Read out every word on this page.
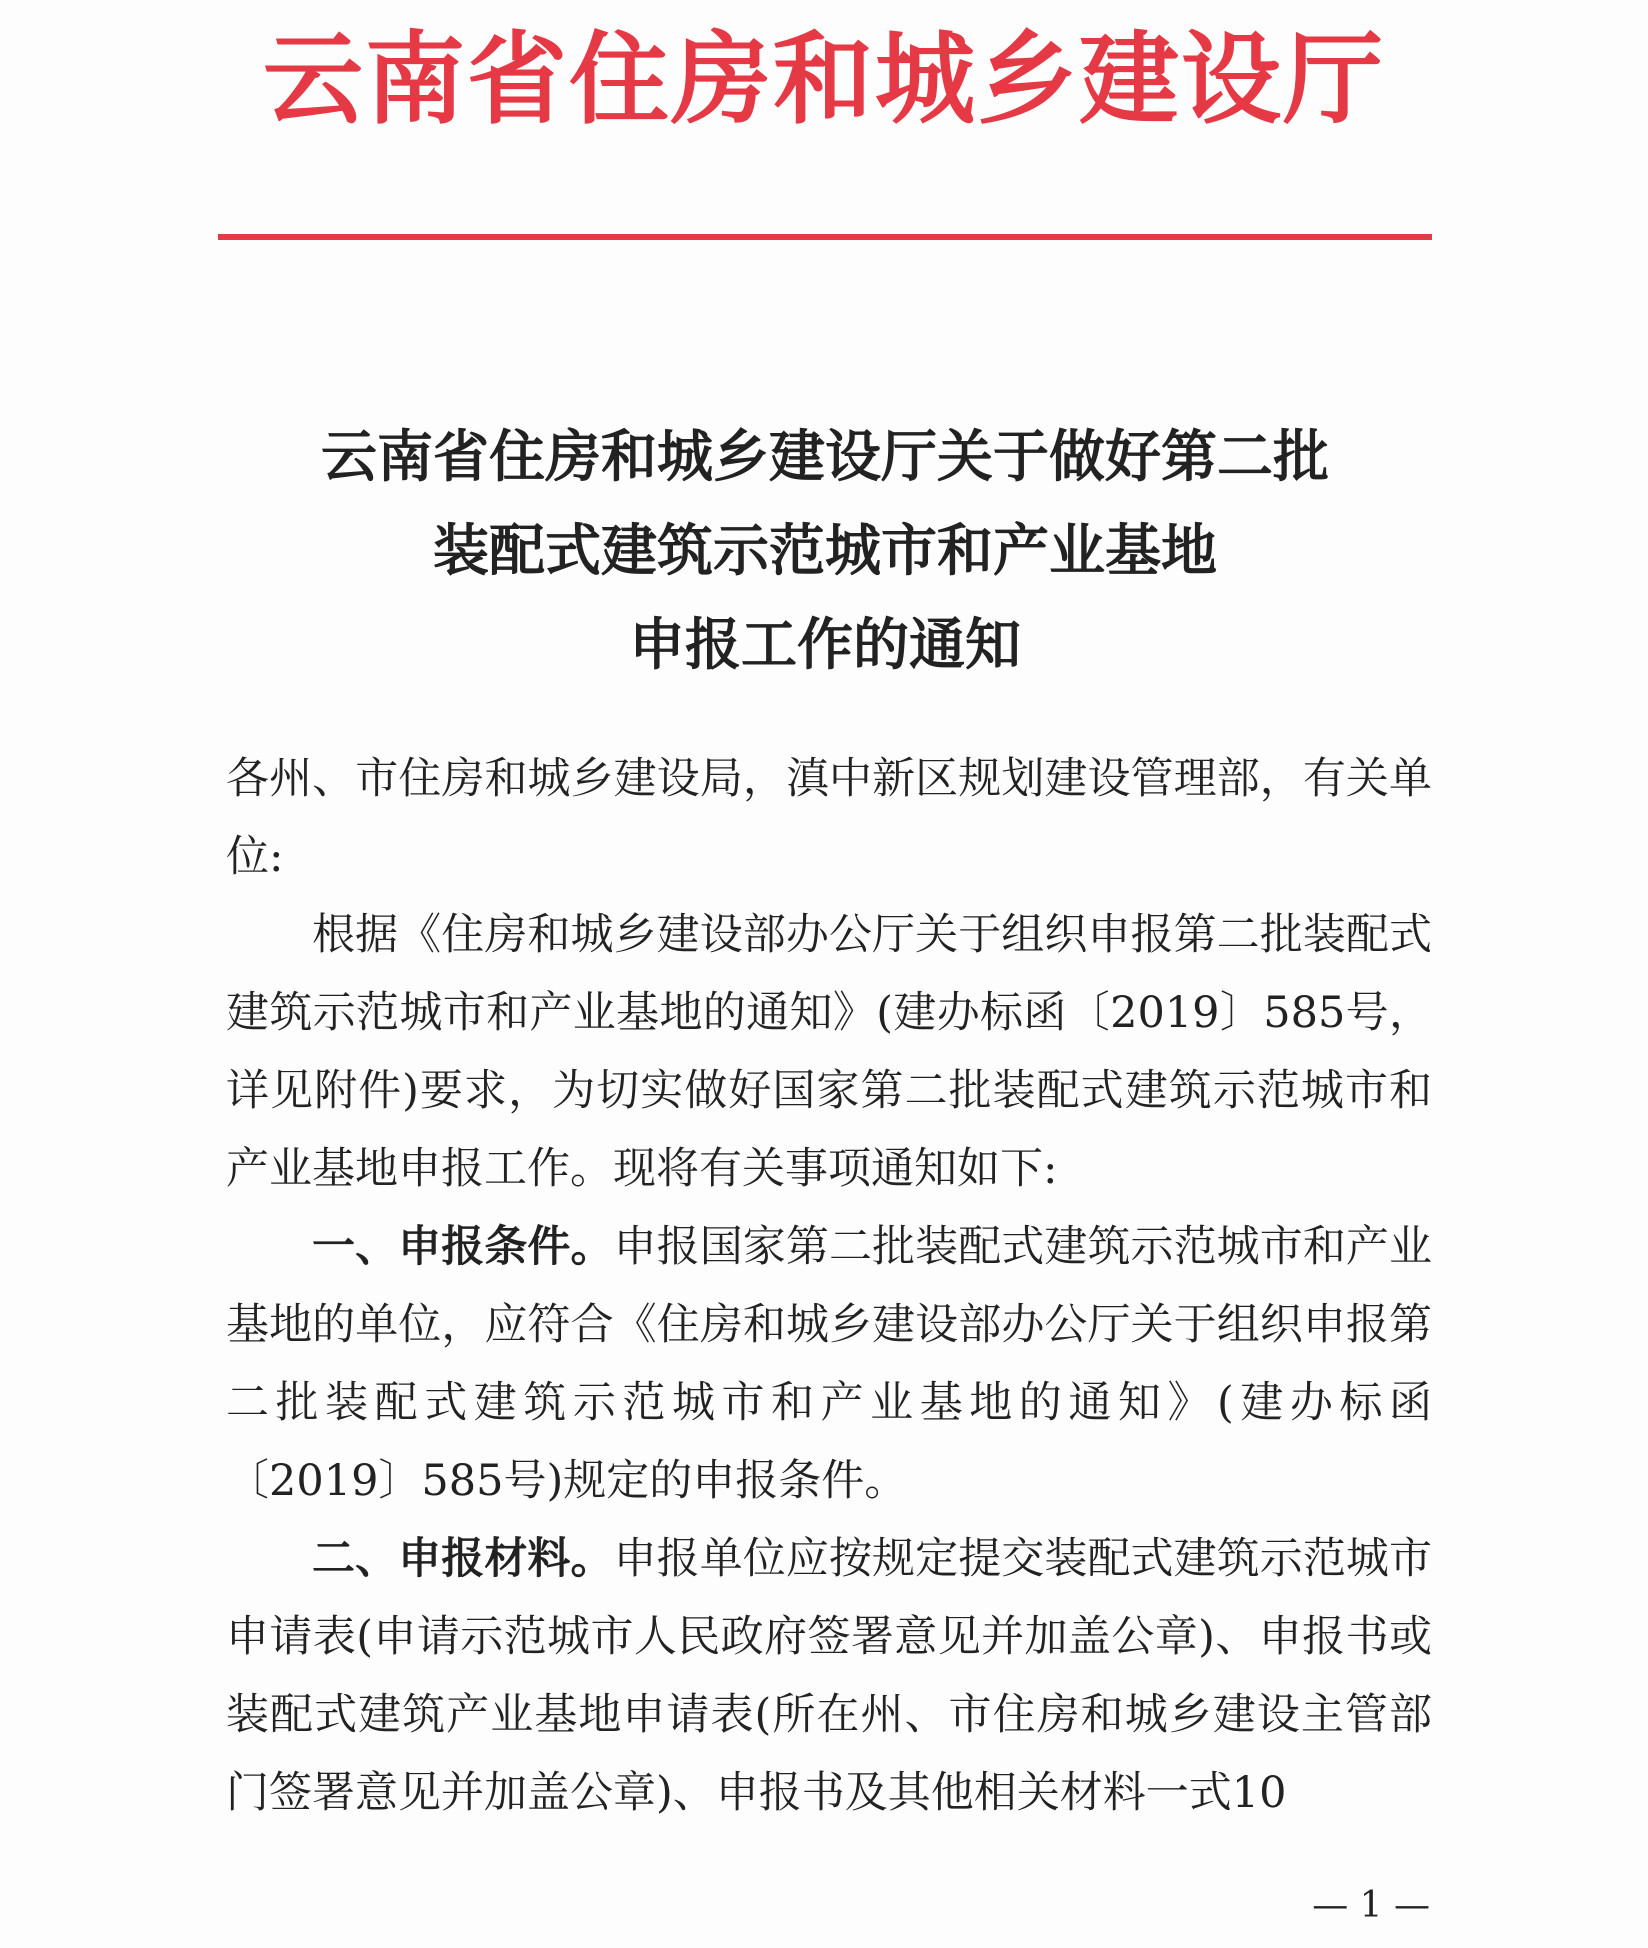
云南省住房和城乡建设厅
云南省住房和城乡建设厅关于做好第二批
装配式建筑示范城市和产业基地
申报工作的通知

各州、市住房和城乡建设局，滇中新区规划建设管理部，有关单位:

根据《住房和城乡建设部办公厅关于组织申报第二批装配式建筑示范城市和产业基地的通知》(建办标函〔2019〕585号，详见附件)要求，为切实做好国家第二批装配式建筑示范城市和产业基地申报工作。现将有关事项通知如下:

一、申报条件。申报国家第二批装配式建筑示范城市和产业基地的单位，应符合《住房和城乡建设部办公厅关于组织申报第二批装配式建筑示范城市和产业基地的通知》(建办标函〔2019〕585号)规定的申报条件。

二、申报材料。申报单位应按规定提交装配式建筑示范城市申请表(申请示范城市人民政府签署意见并加盖公章)、申报书或装配式建筑产业基地申请表(所在州、市住房和城乡建设主管部门签署意见并加盖公章)、申报书及其他相关材料一式10

— 1 —
